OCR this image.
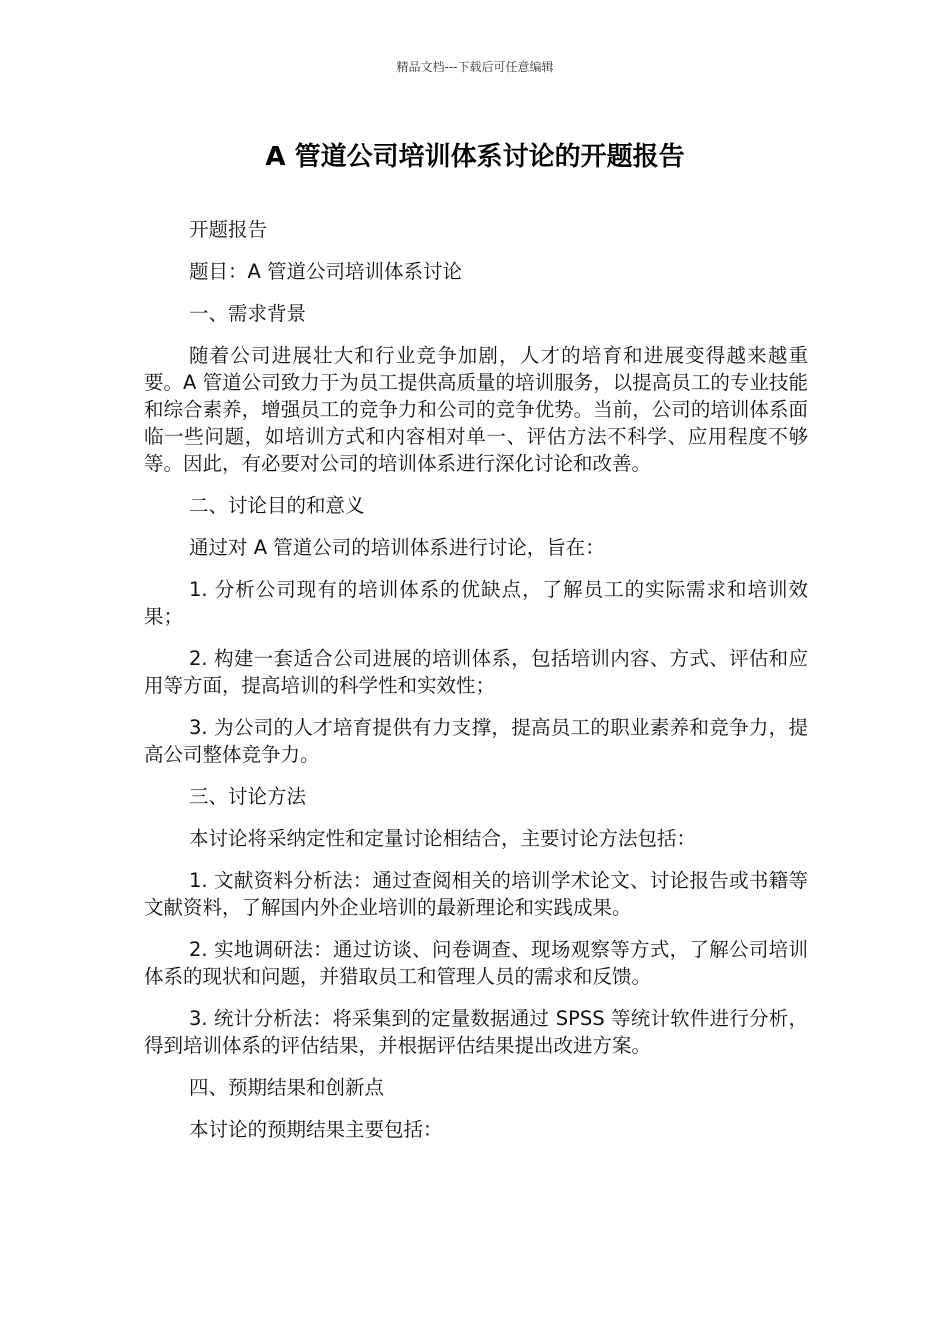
精品文档---下载后可任意编辑
A 管道公司培训体系讨论的开题报告

开题报告

题目：A 管道公司培训体系讨论

一、需求背景

随着公司进展壮大和行业竞争加剧，人才的培育和进展变得越来越重要。A 管道公司致力于为员工提供高质量的培训服务，以提高员工的专业技能和综合素养，增强员工的竞争力和公司的竞争优势。当前，公司的培训体系面临一些问题，如培训方式和内容相对单一、评估方法不科学、应用程度不够等。因此，有必要对公司的培训体系进行深化讨论和改善。

二、讨论目的和意义

通过对 A 管道公司的培训体系进行讨论，旨在：

1. 分析公司现有的培训体系的优缺点，了解员工的实际需求和培训效果；

2. 构建一套适合公司进展的培训体系，包括培训内容、方式、评估和应用等方面，提高培训的科学性和实效性；

3. 为公司的人才培育提供有力支撑，提高员工的职业素养和竞争力，提高公司整体竞争力。

三、讨论方法

本讨论将采纳定性和定量讨论相结合，主要讨论方法包括：

1. 文献资料分析法：通过查阅相关的培训学术论文、讨论报告或书籍等文献资料，了解国内外企业培训的最新理论和实践成果。

2. 实地调研法：通过访谈、问卷调查、现场观察等方式，了解公司培训体系的现状和问题，并猎取员工和管理人员的需求和反馈。

3. 统计分析法：将采集到的定量数据通过 SPSS 等统计软件进行分析，得到培训体系的评估结果，并根据评估结果提出改进方案。

四、预期结果和创新点

本讨论的预期结果主要包括：
